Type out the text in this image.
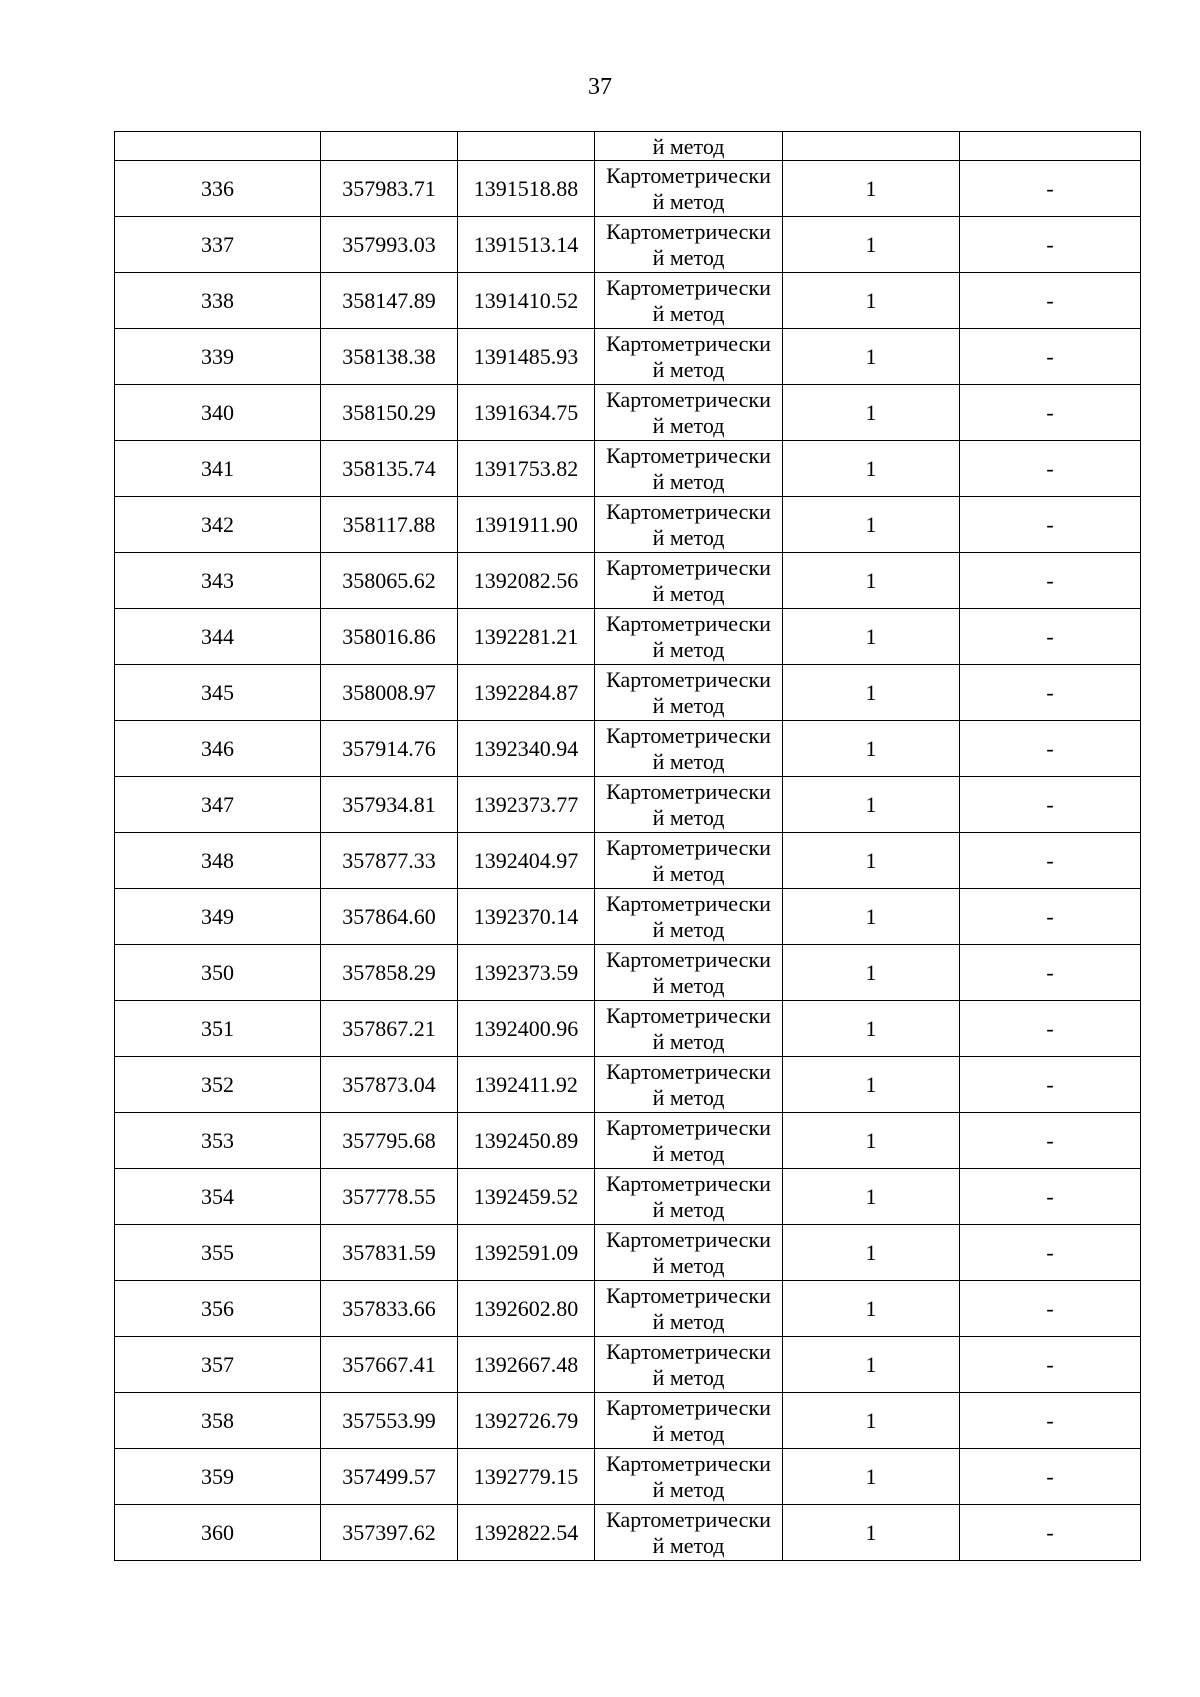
37

			й метод		

336	357983.71	1391518.88	Картометрически
й метод	1	-
337	357993.03	1391513.14	Картометрически
й метод	1	-
338	358147.89	1391410.52	Картометрически
й метод	1	-
339	358138.38	1391485.93	Картометрически
й метод	1	-
340	358150.29	1391634.75	Картометрически
й метод	1	-
341	358135.74	1391753.82	Картометрически
й метод	1	-
342	358117.88	1391911.90	Картометрически
й метод	1	-
343	358065.62	1392082.56	Картометрически
й метод	1	-
344	358016.86	1392281.21	Картометрически
й метод	1	-
345	358008.97	1392284.87	Картометрически
й метод	1	-
346	357914.76	1392340.94	Картометрически
й метод	1	-
347	357934.81	1392373.77	Картометрически
й метод	1	-
348	357877.33	1392404.97	Картометрически
й метод	1	-
349	357864.60	1392370.14	Картометрически
й метод	1	-
350	357858.29	1392373.59	Картометрически
й метод	1	-
351	357867.21	1392400.96	Картометрически
й метод	1	-
352	357873.04	1392411.92	Картометрически
й метод	1	-
353	357795.68	1392450.89	Картометрически
й метод	1	-
354	357778.55	1392459.52	Картометрически
й метод	1	-
355	357831.59	1392591.09	Картометрически
й метод	1	-
356	357833.66	1392602.80	Картометрически
й метод	1	-
357	357667.41	1392667.48	Картометрически
й метод	1	-
358	357553.99	1392726.79	Картометрически
й метод	1	-
359	357499.57	1392779.15	Картометрически
й метод	1	-
360	357397.62	1392822.54	Картометрически
й метод	1	-
